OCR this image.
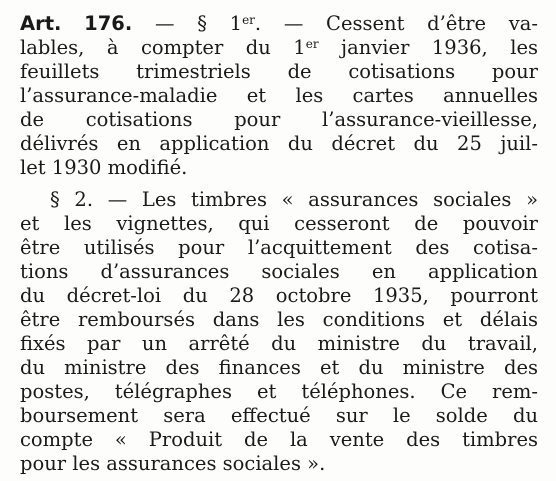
Art. 176. — § 1er. — Cessent d’être va-
lables, à compter du 1er janvier 1936, les
feuillets trimestriels de cotisations pour
l’assurance-maladie et les cartes annuelles
de cotisations pour l’assurance-vieillesse,
délivrés en application du décret du 25 juil-
let 1930 modifié.
§ 2. — Les timbres « assurances sociales »
et les vignettes, qui cesseront de pouvoir
être utilisés pour l’acquittement des cotisa-
tions d’assurances sociales en application
du décret-loi du 28 octobre 1935, pourront
être remboursés dans les conditions et délais
fixés par un arrêté du ministre du travail,
du ministre des finances et du ministre des
postes, télégraphes et téléphones. Ce rem-
boursement sera effectué sur le solde du
compte « Produit de la vente des timbres
pour les assurances sociales ».
